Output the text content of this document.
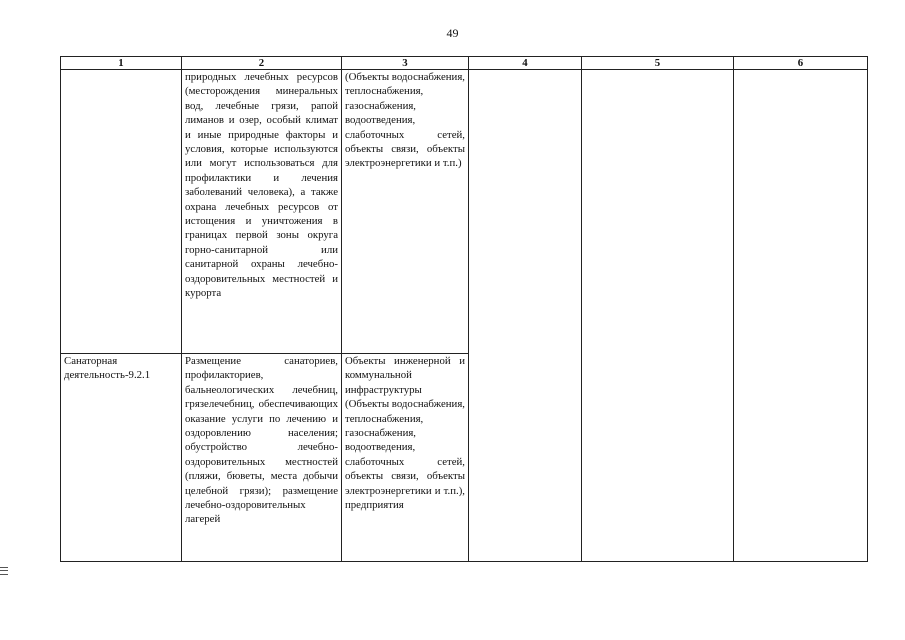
49
1	2	3	4	5	6
	природных лечебных ресурсов (месторождения минеральных вод, лечебные грязи, рапой лиманов и озер, особый климат и иные природные факторы и условия, которые используются или могут использоваться для профилактики и лечения заболеваний человека), а также охрана лечебных ресурсов от истощения и уничтожения в границах первой зоны округа горно-санитарной или санитарной охраны лечебно-оздоровительных местностей и курорта	(Объекты водоснабжения, теплоснабжения, газоснабжения, водоотведения, слаботочных сетей, объекты связи, объекты электроэнергетики и т.п.)			
Санаторная деятельность-9.2.1	Размещение санаториев, профилакториев, бальнеологических лечебниц, грязелечебниц, обеспечивающих оказание услуги по лечению и оздоровлению населения; обустройство лечебно-оздоровительных местностей (пляжи, бюветы, места добычи целебной грязи); размещение лечебно-оздоровительных лагерей	Объекты инженерной и коммунальной инфраструктуры (Объекты водоснабжения, теплоснабжения, газоснабжения, водоотведения, слаботочных сетей, объекты связи, объекты электроэнергетики и т.п.), предприятия			
